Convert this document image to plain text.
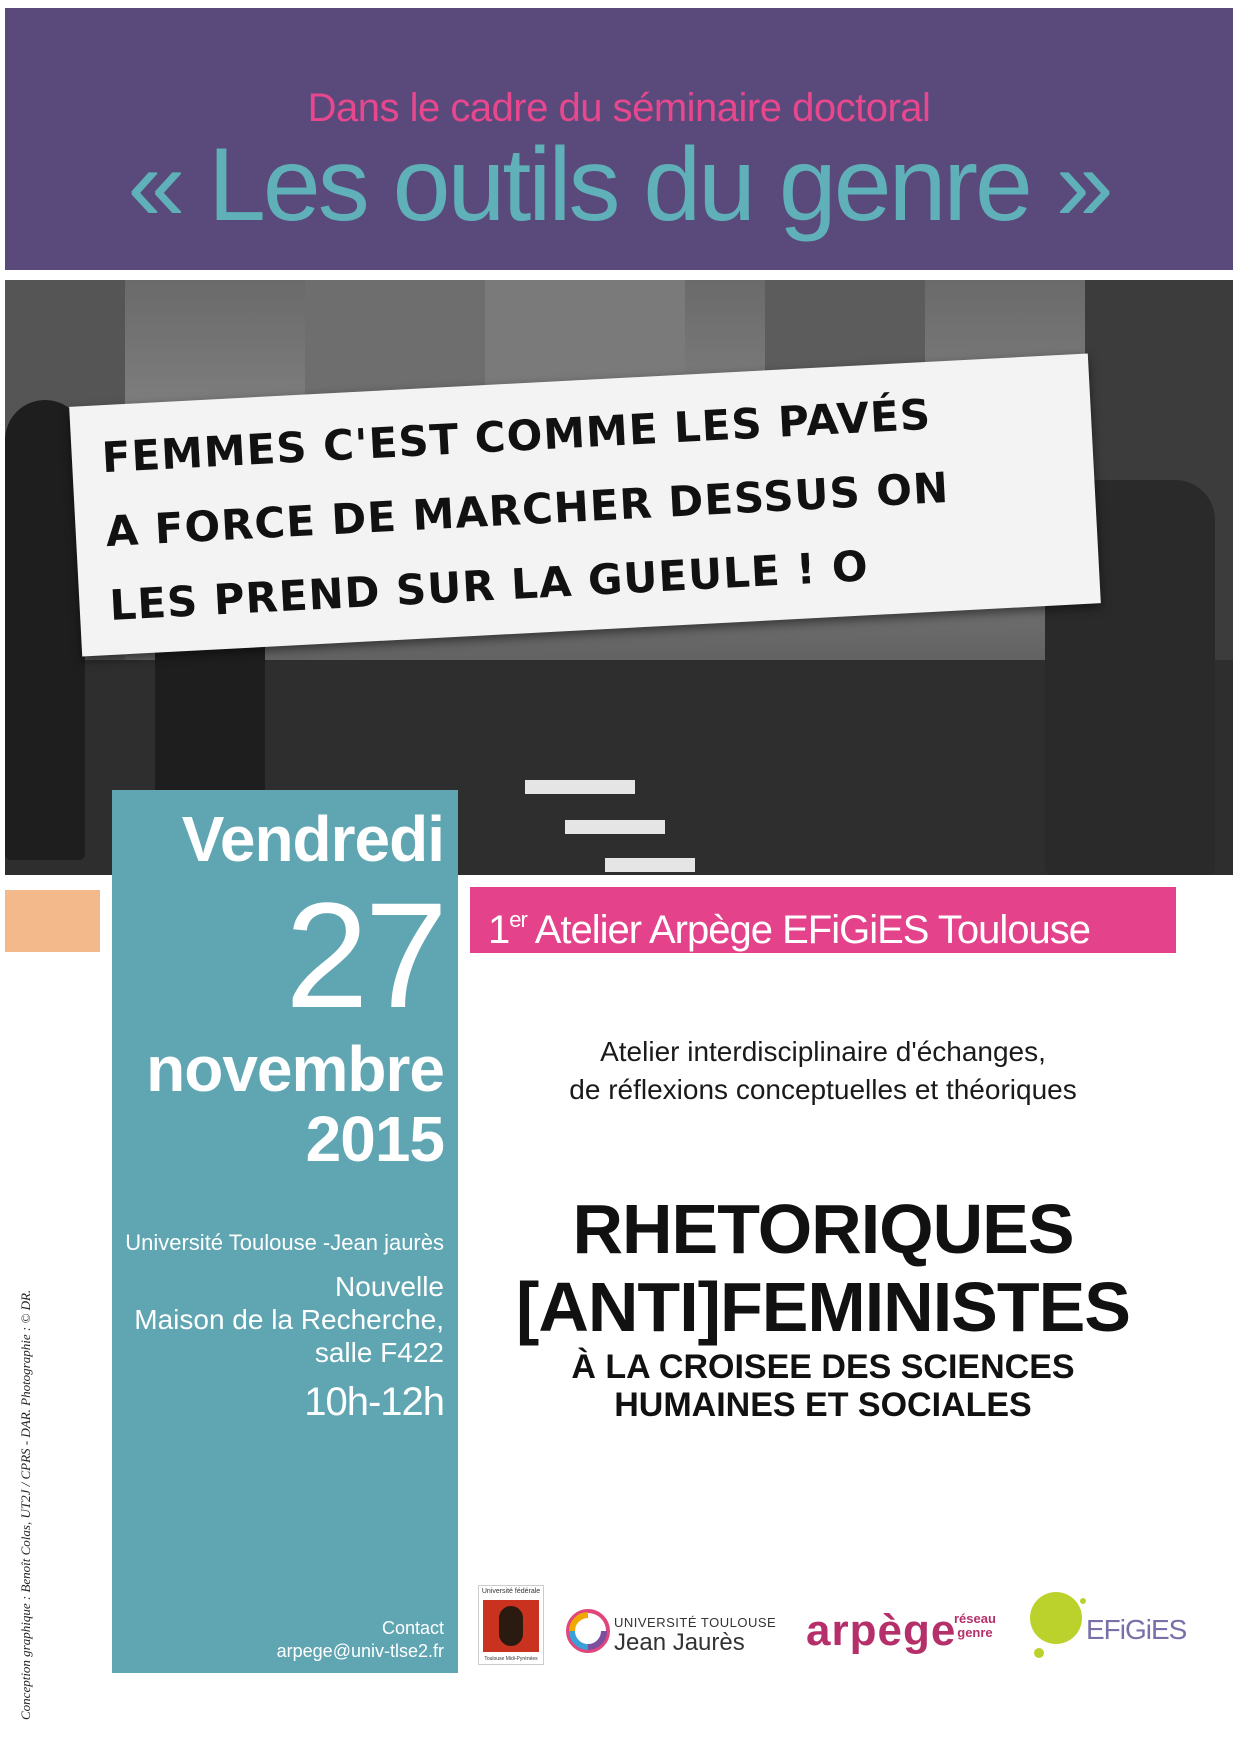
Dans le cadre du séminaire doctoral
« Les outils du genre »
FEMMES C'EST COMME LES PAVÉS
A FORCE DE MARCHER DESSUS ON
LES PREND SUR LA GUEULE ! O
Vendredi
27
novembre
2015
Université Toulouse -Jean jaurès
Nouvelle
Maison de la Recherche,
salle F422
10h-12h
Contact
arpege@univ-tlse2.fr
1er Atelier Arpège EFiGiES Toulouse
Atelier interdisciplinaire d'échanges,
de réflexions conceptuelles et théoriques
RHETORIQUES
[ANTI]FEMINISTES
À LA CROISEE DES SCIENCES
HUMAINES ET SOCIALES
Conception graphique : Benoît Colas, UT2J / CPRS - DAR. Photographie : © DR.	Université fédérale
Toulouse Midi-Pyrénées
UNIVERSITÉ TOULOUSE
Jean Jaurès arpège
réseau
genre	EFiGiES
